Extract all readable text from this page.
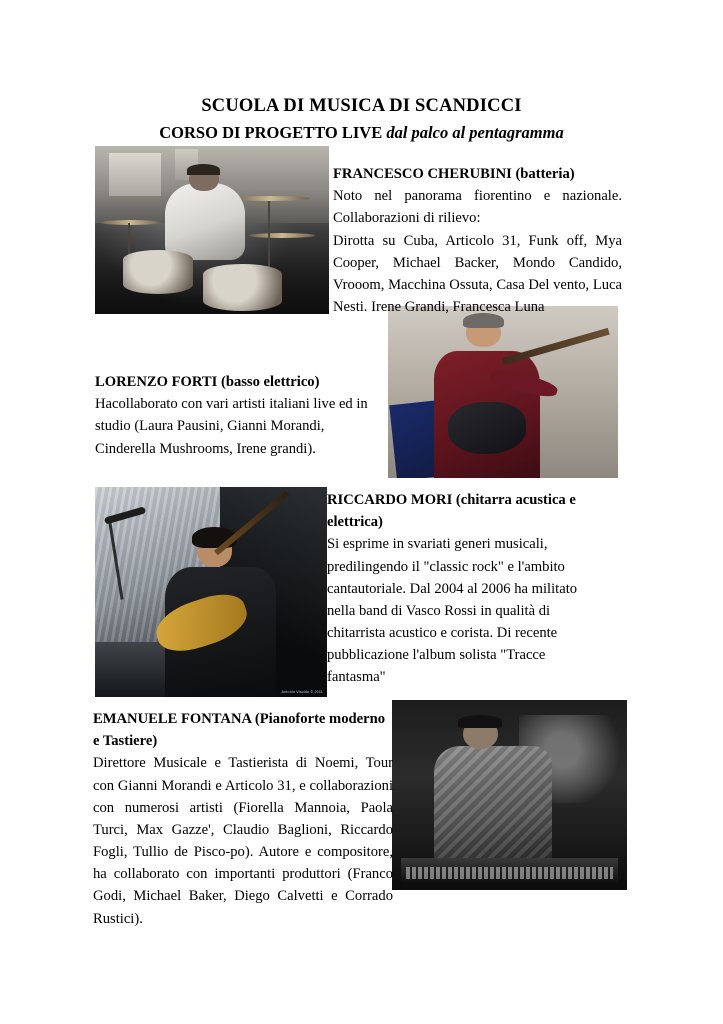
SCUOLA DI MUSICA DI SCANDICCI
CORSO DI PROGETTO LIVE dal palco al pentagramma
Antonio Viscido © 2011
FRANCESCO CHERUBINI (batteria)
Noto nel panorama fiorentino e nazionale. Collaborazioni di rilievo:
Dirotta su Cuba, Articolo 31, Funk off, Mya Cooper, Michael Backer, Mondo Candido, Vrooom, Macchina Ossuta, Casa Del vento, Luca Nesti. Irene Grandi, Francesca Luna
LORENZO FORTI (basso elettrico)
Hacollaborato con vari artisti italiani live ed in studio (Laura Pausini, Gianni Morandi, Cinderella Mushrooms, Irene grandi).
RICCARDO MORI (chitarra acustica e elettrica)
Si esprime in svariati generi musicali, predilingendo il "classic rock" e l'ambito cantautoriale. Dal 2004 al 2006 ha militato nella band di Vasco Rossi in qualità di chitarrista acustico e corista. Di recente pubblicazione l'album solista "Tracce fantasma"
EMANUELE FONTANA (Pianoforte moderno e Tastiere)
Direttore Musicale e Tastierista di Noemi, Tour con Gianni Morandi e Articolo 31, e collaborazioni con numerosi artisti (Fiorella Mannoia, Paola Turci, Max Gazze', Claudio Baglioni, Riccardo Fogli, Tullio de Pisco-po). Autore e compositore, ha collaborato con importanti produttori (Franco Godi, Michael Baker, Diego Calvetti e Corrado Rustici).
